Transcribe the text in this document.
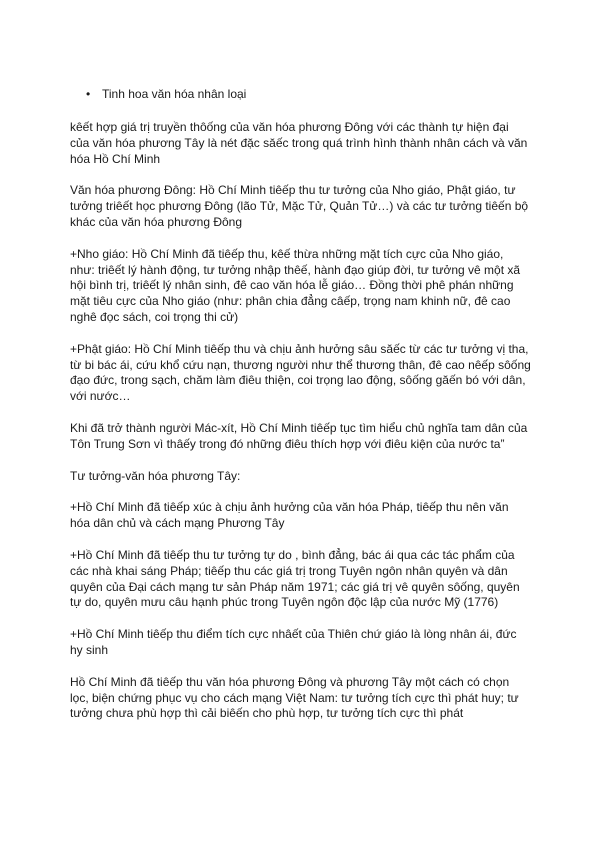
• Tinh hoa văn hóa nhân loại

kêết hợp giá trị truyền thôống của văn hóa phương Đông với các thành tự hiện đại của văn hóa phương Tây là nét đặc săếc trong quá trình hình thành nhân cách và văn hóa Hồ Chí Minh

Văn hóa phương Đông: Hồ Chí Minh tiêếp thu tư tưởng của Nho giáo, Phật giáo, tư tưởng triêết học phương Đông (lão Tử, Mặc Tử, Quản Tử…) và các tư tưởng tiêến bộ khác của văn hóa phương Đông

+Nho giáo: Hồ Chí Minh đã tiêếp thu, kêế thừa những mặt tích cực của Nho giáo, như: triêết lý hành động, tư tưởng nhập thêế, hành đạo giúp đời, tư tưởng vê một xã hội bình trị, triêết lý nhân sinh, đê cao văn hóa lễ giáo… Đồng thời phê phán những mặt tiêu cực của Nho giáo (như: phân chia đẳng câếp, trọng nam khinh nữ, đê cao nghê đọc sách, coi trọng thi cử)

+Phật giáo: Hồ Chí Minh tiêếp thu và chịu ảnh hưởng sâu săếc từ các tư tưởng vị tha, từ bi bác ái, cứu khổ cứu nạn, thương người như thể thương thân, đê cao nêếp sôống đạo đức, trong sạch, chăm làm điêu thiện, coi trọng lao động, sôống găến bó với dân, với nước…

Khi đã trở thành người Mác-xít, Hồ Chí Minh tiêếp tục tìm hiểu chủ nghĩa tam dân của Tôn Trung Sơn vì thâếy trong đó những điêu thích hợp với điêu kiện của nước ta”

Tư tưởng-văn hóa phương Tây:

+Hồ Chí Minh đã tiêếp xúc à chịu ảnh hưởng của văn hóa Pháp, tiêếp thu nên văn hóa dân chủ và cách mạng Phương Tây

+Hồ Chí Minh đã tiêếp thu tư tưởng tự do , bình đẳng, bác ái qua các tác phẩm của các nhà khai sáng Pháp; tiêếp thu các giá trị trong Tuyên ngôn nhân quyên và dân quyên của Đại cách mạng tư sản Pháp năm 1971; các giá trị vê quyên sôống, quyên tự do, quyên mưu câu hạnh phúc trong Tuyên ngôn độc lập của nước Mỹ (1776)

+Hồ Chí Minh tiêếp thu điểm tích cực nhâết của Thiên chứ giáo là lòng nhân ái, đức hy sinh

Hồ Chí Minh đã tiêếp thu văn hóa phương Đông và phương Tây một cách có chọn lọc, biện chứng phục vụ cho cách mạng Việt Nam: tư tưởng tích cực thì phát huy; tư tưởng chưa phù hợp thì cải biêến cho phù hợp, tư tưởng tích cực thì phát
